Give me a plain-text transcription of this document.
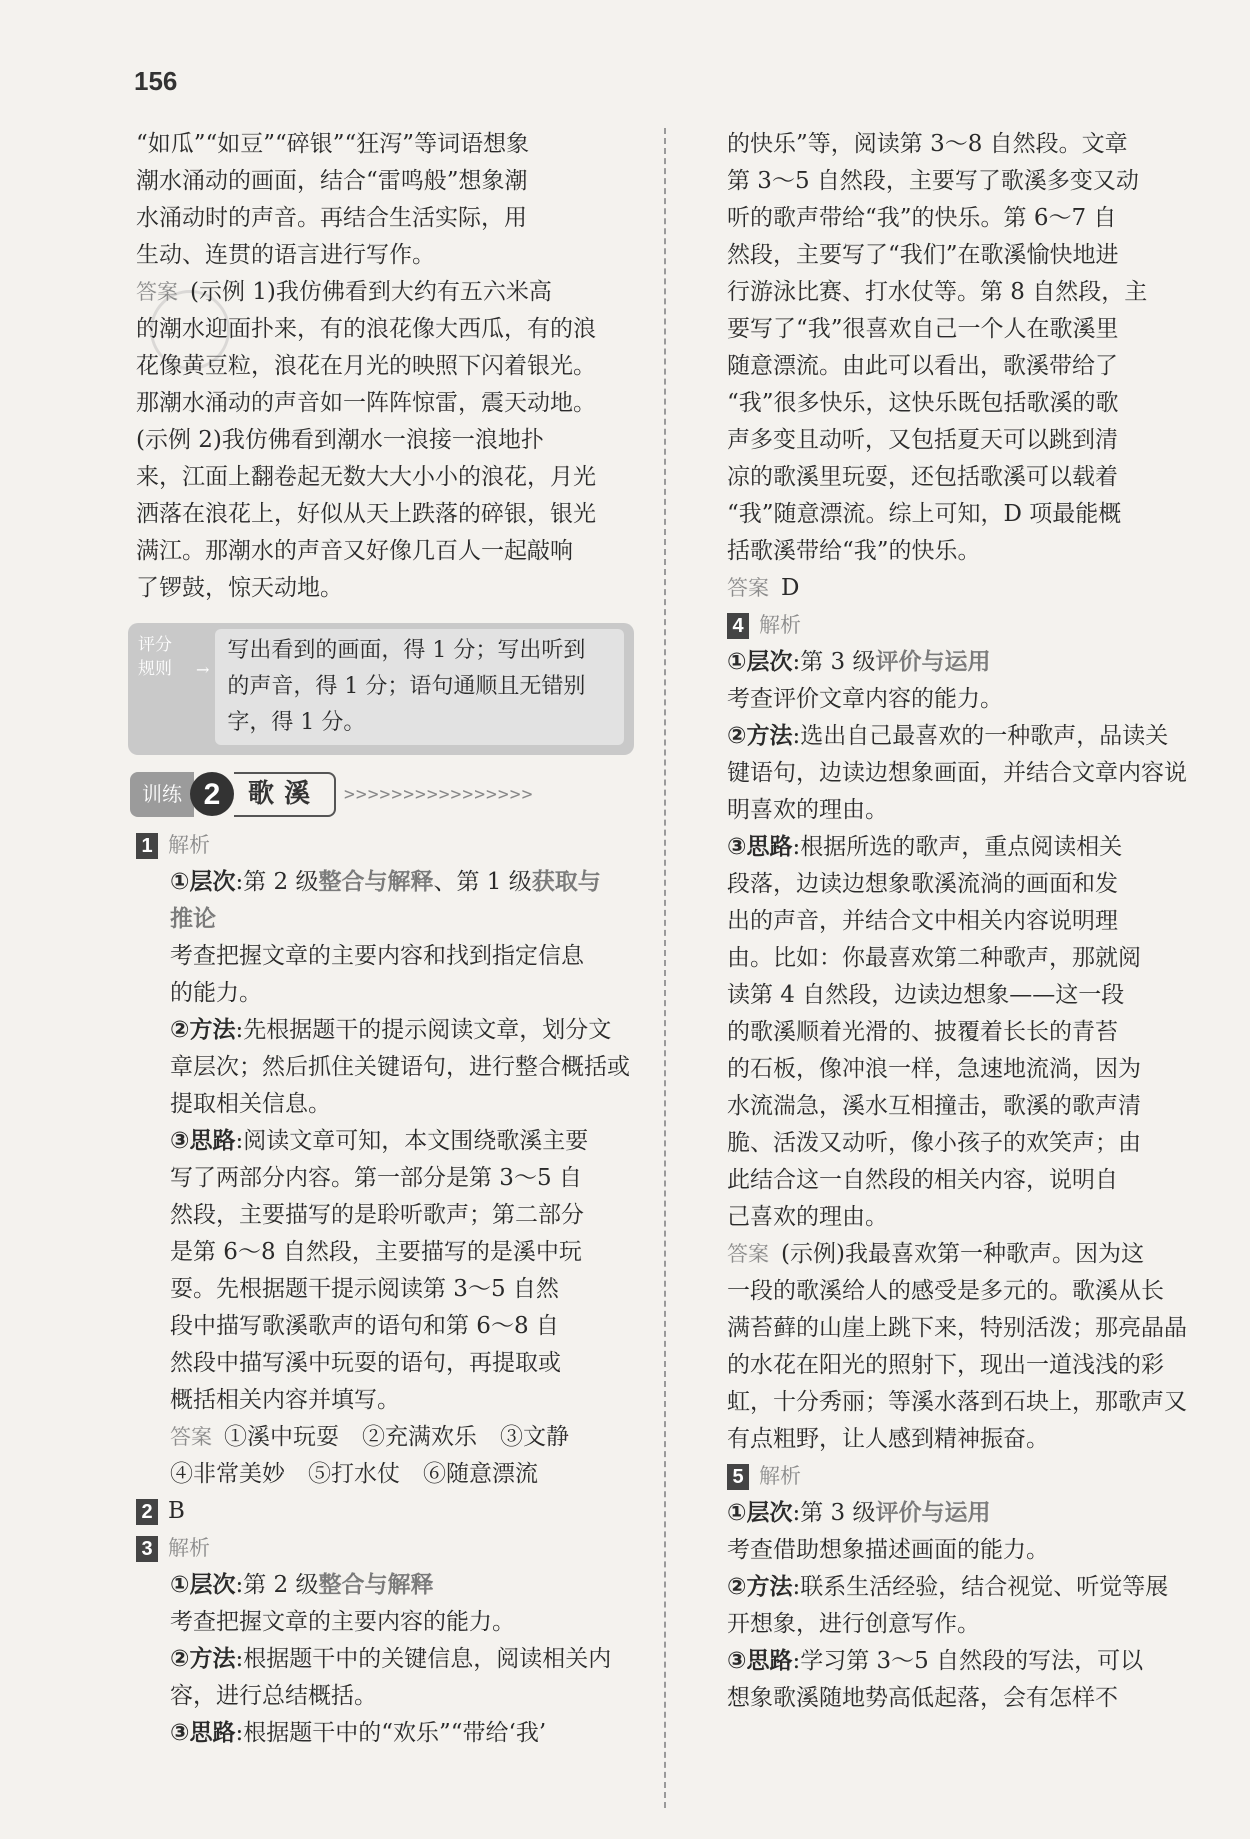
156

“如瓜”“如豆”“碎银”“狂泻”等词语想象

潮水涌动的画面，结合“雷鸣般”想象潮

水涌动时的声音。再结合生活实际，用

生动、连贯的语言进行写作。

答案 (示例 1)我仿佛看到大约有五六米高

的潮水迎面扑来，有的浪花像大西瓜，有的浪

花像黄豆粒，浪花在月光的映照下闪着银光。

那潮水涌动的声音如一阵阵惊雷，震天动地。

(示例 2)我仿佛看到潮水一浪接一浪地扑

来，江面上翻卷起无数大大小小的浪花，月光

洒落在浪花上，好似从天上跌落的碎银，银光

满江。那潮水的声音又好像几百人一起敲响

了锣鼓，惊天动地。

评分
规则	→
写出看到的画面，得 1 分；写出听到
的声音，得 1 分；语句通顺且无错别
字，得 1 分。
训练 2	歌溪	>>>>>>>>>>>>>>>>
1 解析

①层次:第 2 级整合与解释、第 1 级获取与

推论

考查把握文章的主要内容和找到指定信息

的能力。

②方法:先根据题干的提示阅读文章，划分文

章层次；然后抓住关键语句，进行整合概括或

提取相关信息。

③思路:阅读文章可知，本文围绕歌溪主要

写了两部分内容。第一部分是第 3～5 自

然段，主要描写的是聆听歌声；第二部分

是第 6～8 自然段，主要描写的是溪中玩

耍。先根据题干提示阅读第 3～5 自然

段中描写歌溪歌声的语句和第 6～8 自

然段中描写溪中玩耍的语句，再提取或

概括相关内容并填写。

答案 ①溪中玩耍　②充满欢乐　③文静

④非常美妙　⑤打水仗　⑥随意漂流

2 B
3 解析

①层次:第 2 级整合与解释

考查把握文章的主要内容的能力。

②方法:根据题干中的关键信息，阅读相关内

容，进行总结概括。

③思路:根据题干中的“欢乐”“带给‘我’

的快乐”等，阅读第 3～8 自然段。文章

第 3～5 自然段，主要写了歌溪多变又动

听的歌声带给“我”的快乐。第 6～7 自

然段，主要写了“我们”在歌溪愉快地进

行游泳比赛、打水仗等。第 8 自然段，主

要写了“我”很喜欢自己一个人在歌溪里

随意漂流。由此可以看出，歌溪带给了

“我”很多快乐，这快乐既包括歌溪的歌

声多变且动听，又包括夏天可以跳到清

凉的歌溪里玩耍，还包括歌溪可以载着

“我”随意漂流。综上可知，D 项最能概

括歌溪带给“我”的快乐。

答案 D

4 解析

①层次:第 3 级评价与运用

考查评价文章内容的能力。

②方法:选出自己最喜欢的一种歌声，品读关

键语句，边读边想象画面，并结合文章内容说

明喜欢的理由。

③思路:根据所选的歌声，重点阅读相关

段落，边读边想象歌溪流淌的画面和发

出的声音，并结合文中相关内容说明理

由。比如：你最喜欢第二种歌声，那就阅

读第 4 自然段，边读边想象——这一段

的歌溪顺着光滑的、披覆着长长的青苔

的石板，像冲浪一样，急速地流淌，因为

水流湍急，溪水互相撞击，歌溪的歌声清

脆、活泼又动听，像小孩子的欢笑声；由

此结合这一自然段的相关内容，说明自

己喜欢的理由。

答案 (示例)我最喜欢第一种歌声。因为这

一段的歌溪给人的感受是多元的。歌溪从长

满苔藓的山崖上跳下来，特别活泼；那亮晶晶

的水花在阳光的照射下，现出一道浅浅的彩

虹，十分秀丽；等溪水落到石块上，那歌声又

有点粗野，让人感到精神振奋。

5 解析

①层次:第 3 级评价与运用

考查借助想象描述画面的能力。

②方法:联系生活经验，结合视觉、听觉等展

开想象，进行创意写作。

③思路:学习第 3～5 自然段的写法，可以

想象歌溪随地势高低起落，会有怎样不
